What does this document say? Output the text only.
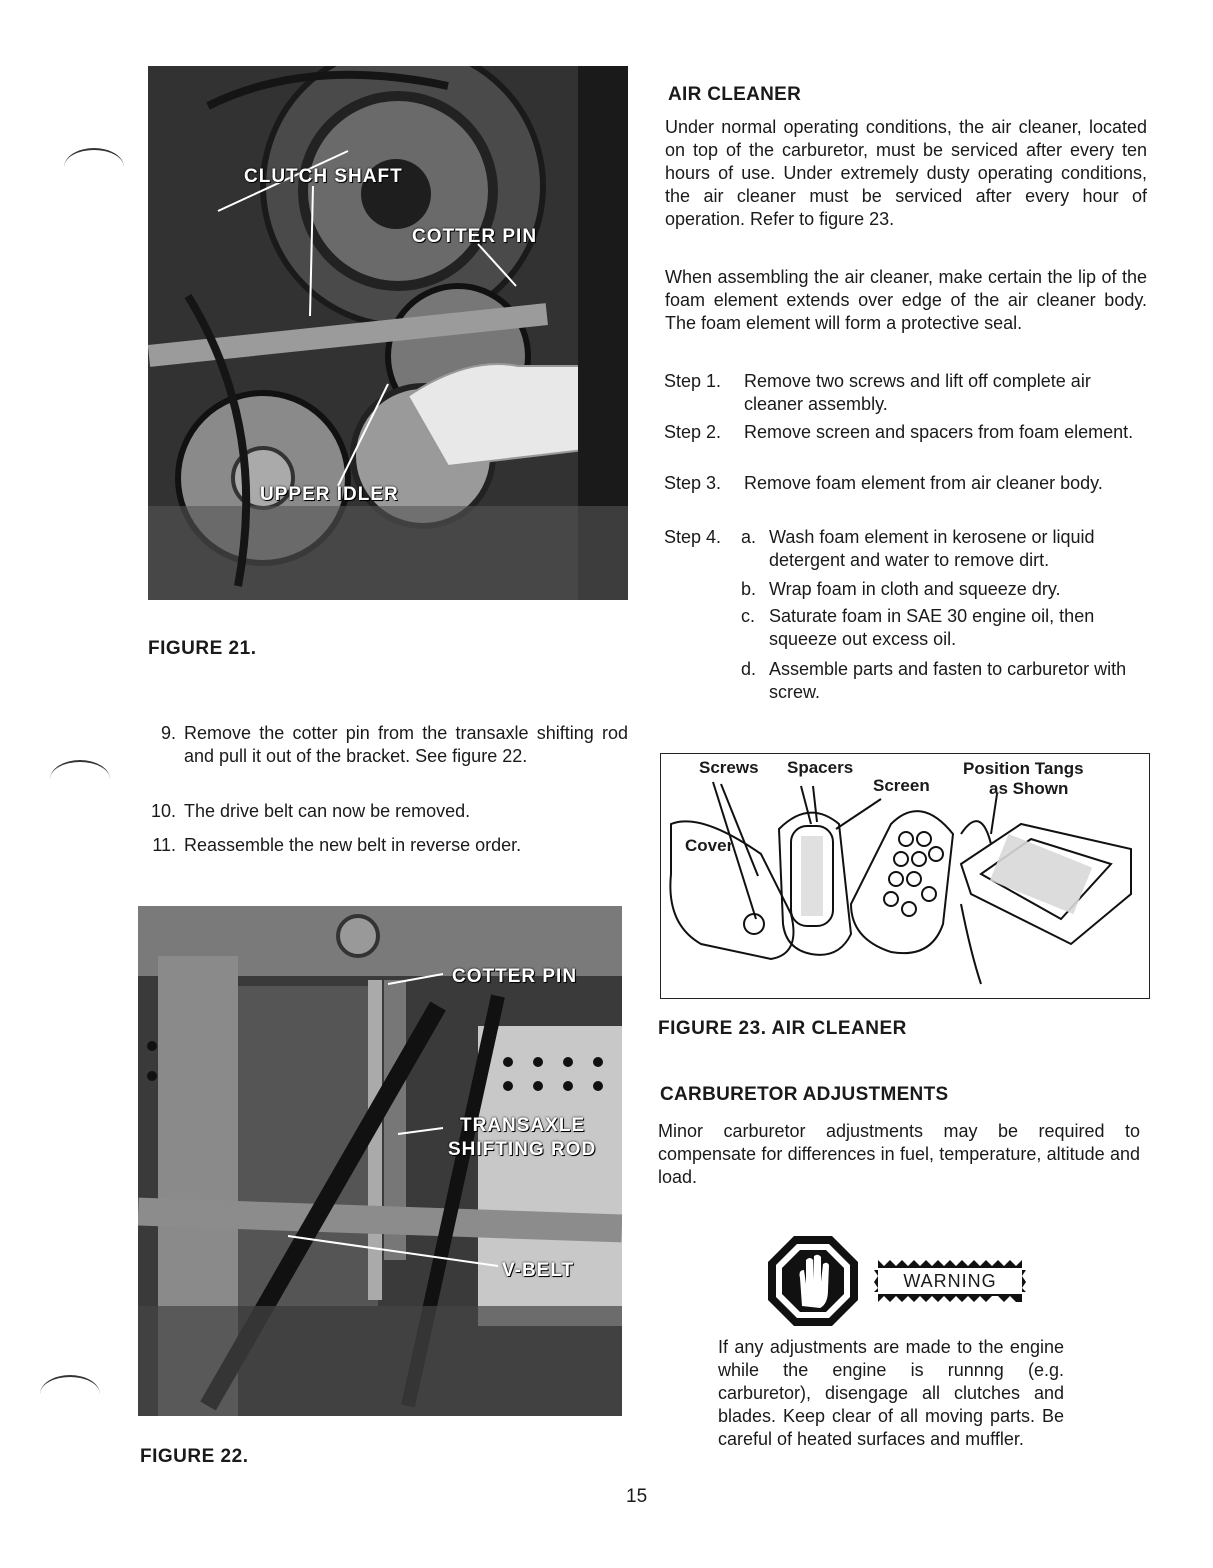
CLUTCH SHAFT
COTTER PIN
UPPER IDLER
FIGURE 21.
9. Remove the cotter pin from the transaxle shifting rod and pull it out of the bracket. See figure 22.
10. The drive belt can now be removed.
11. Reassemble the new belt in reverse order.
COTTER PIN
TRANSAXLE
SHIFTING ROD
V-BELT
FIGURE 22.
AIR CLEANER
Under normal operating conditions, the air cleaner, located on top of the carburetor, must be serviced after every ten hours of use. Under extremely dusty operating conditions, the air cleaner must be serviced after every hour of operation. Refer to figure 23.
When assembling the air cleaner, make certain the lip of the foam element extends over edge of the air cleaner body. The foam element will form a protective seal.
Step 1. Remove two screws and lift off complete air cleaner assembly.
Step 2. Remove screen and spacers from foam element.
Step 3. Remove foam element from air cleaner body.
Step 4. a. Wash foam element in kerosene or liquid detergent and water to remove dirt.
b. Wrap foam in cloth and squeeze dry.
c. Saturate foam in SAE 30 engine oil, then squeeze out excess oil.
d. Assemble parts and fasten to carburetor with screw.
Screws Spacers
Screen
Position Tangs
as Shown
Cover
FIGURE 23. AIR CLEANER
CARBURETOR ADJUSTMENTS
Minor carburetor adjustments may be required to compensate for differences in fuel, temperature, altitude and load.
WARNING
If any adjustments are made to the engine while the engine is runnng (e.g. carburetor), disengage all clutches and blades. Keep clear of all moving parts. Be careful of heated surfaces and muffler.
15
